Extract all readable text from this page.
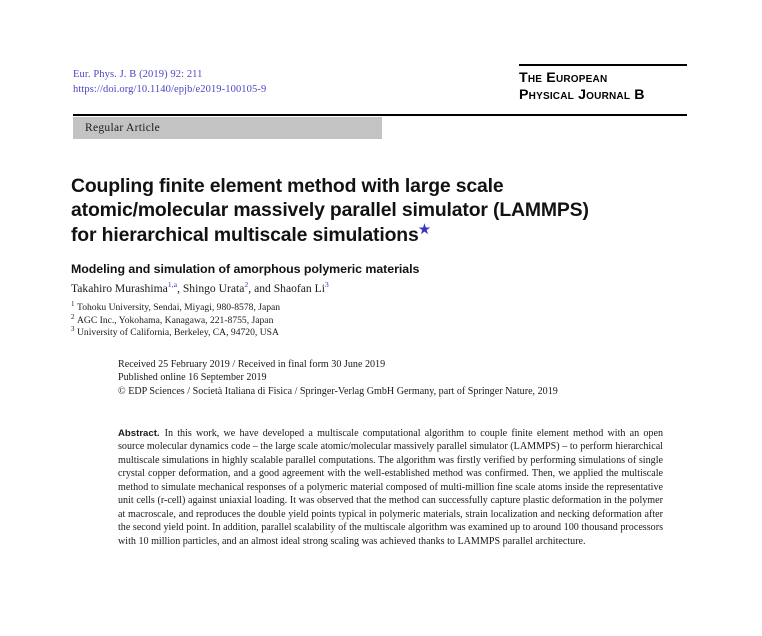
Eur. Phys. J. B (2019) 92: 211
https://doi.org/10.1140/epjb/e2019-100105-9
The European
Physical Journal B
Regular Article
Coupling finite element method with large scale
atomic/molecular massively parallel simulator (LAMMPS)
for hierarchical multiscale simulations★
Modeling and simulation of amorphous polymeric materials
Takahiro Murashima$^{1,a}$, Shingo Urata$^2$, and Shaofan Li$^3$
$^1$ Tohoku University, Sendai, Miyagi, 980-8578, Japan
$^2$ AGC Inc., Yokohama, Kanagawa, 221-8755, Japan
$^3$ University of California, Berkeley, CA, 94720, USA
Received 25 February 2019 / Received in final form 30 June 2019
Published online 16 September 2019
© EDP Sciences / Società Italiana di Fisica / Springer-Verlag GmbH Germany, part of Springer Nature, 2019
Abstract. In this work, we have developed a multiscale computational algorithm to couple finite element method with an open source molecular dynamics code – the large scale atomic/molecular massively parallel simulator (LAMMPS) – to perform hierarchical multiscale simulations in highly scalable parallel computations. The algorithm was firstly verified by performing simulations of single crystal copper deformation, and a good agreement with the well-established method was confirmed. Then, we applied the multiscale method to simulate mechanical responses of a polymeric material composed of multi-million fine scale atoms inside the representative unit cells (r-cell) against uniaxial loading. It was observed that the method can successfully capture plastic deformation in the polymer at macroscale, and reproduces the double yield points typical in polymeric materials, strain localization and necking deformation after the second yield point. In addition, parallel scalability of the multiscale algorithm was examined up to around 100 thousand processors with 10 million particles, and an almost ideal strong scaling was achieved thanks to LAMMPS parallel architecture.
